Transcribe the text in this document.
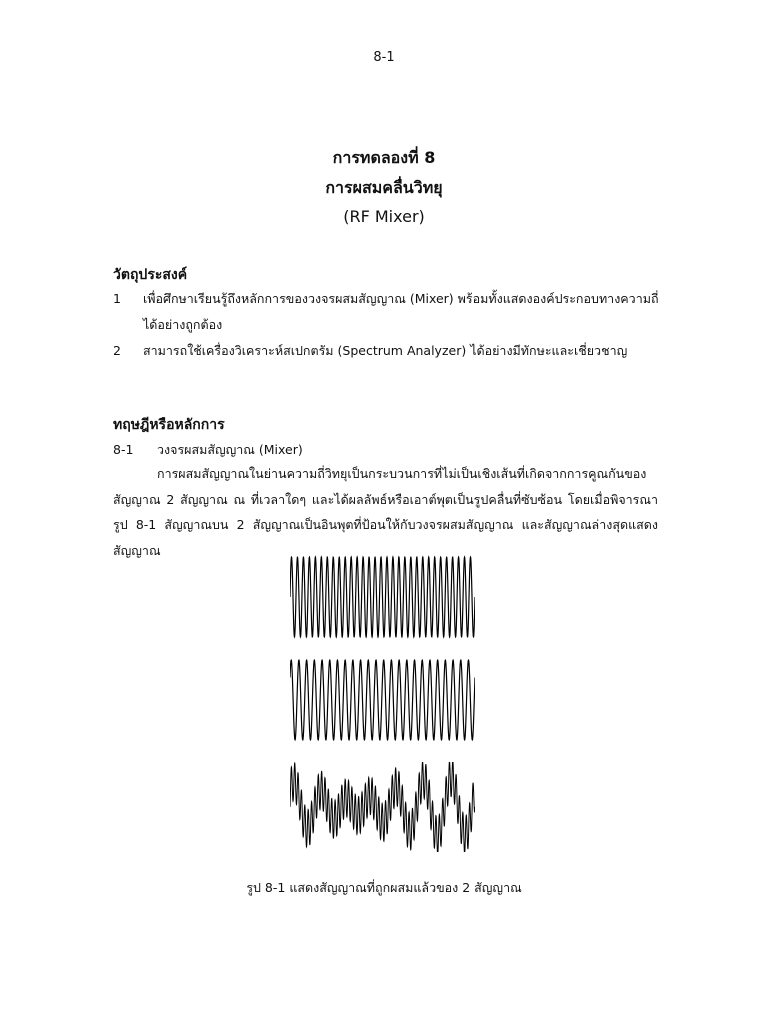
8-1
การทดลองที่ 8
การผสมคลื่นวิทยุ
(RF Mixer)
วัตถุประสงค์
1 เพื่อศึกษาเรียนรู้ถึงหลักการของวงจรผสมสัญญาณ (Mixer) พร้อมทั้งแสดงองค์ประกอบทางความถี่
ได้อย่างถูกต้อง
2 สามารถใช้เครื่องวิเคราะห์สเปกตรัม (Spectrum Analyzer) ได้อย่างมีทักษะและเชี่ยวชาญ
ทฤษฎีหรือหลักการ
8-1 วงจรผสมสัญญาณ (Mixer)
การผสมสัญญาณในย่านความถี่วิทยุเป็นกระบวนการที่ไม่เป็นเชิงเส้นที่เกิดจากการคูณกันของสัญญาณ 2 สัญญาณ ณ ที่เวลาใดๆ และได้ผลลัพธ์หรือเอาต์พุตเป็นรูปคลื่นที่ซับซ้อน โดยเมื่อพิจารณารูป 8-1 สัญญาณบน 2 สัญญาณเป็นอินพุตที่ป้อนให้กับวงจรผสมสัญญาณ และสัญญาณล่างสุดแสดงสัญญาณ
รูป 8-1 แสดงสัญญาณที่ถูกผสมแล้วของ 2 สัญญาณ
